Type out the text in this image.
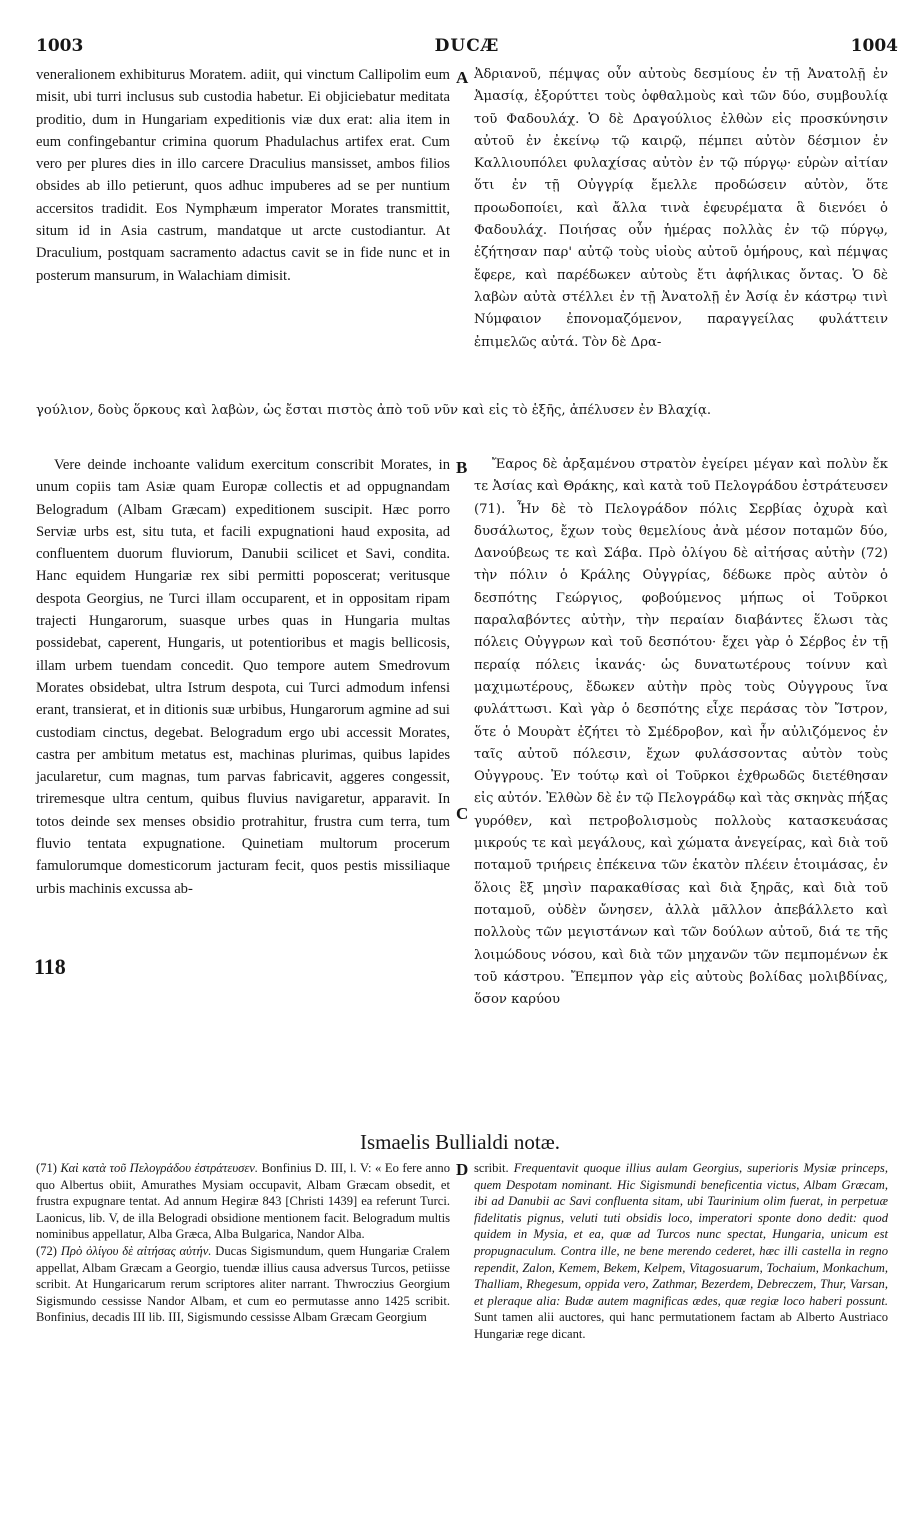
1003	DUCÆ	1004

veneralionem exhibiturus Moratem. adiit, qui vinctum Callipolim eum misit, ubi turri inclusus sub custodia habetur. Ei objiciebatur meditata proditio, dum in Hungariam expeditionis viæ dux erat: alia item in eum confingebantur crimina quorum Phadulachus artifex erat. Cum vero per plures dies in illo carcere Draculius mansisset, ambos filios obsides ab illo petierunt, quos adhuc impuberes ad se per nuntium accersitos tradidit. Eos Nymphæum imperator Morates transmittit, situm id in Asia castrum, mandatque ut arcte custodiantur. At Draculium, postquam sacramento adactus cavit se in fide nunc et in posterum mansurum, in Walachiam dimisit.

A Ἀδριανοῦ, πέμψας οὖν αὐτοὺς δεσμίους ἐν τῇ Ἀνατολῇ ἐν Ἀμασίᾳ, ἐξορύττει τοὺς ὀφθαλμοὺς καὶ τῶν δύο, συμβουλίᾳ τοῦ Φαδουλάχ. Ὁ δὲ Δραγούλιος ἐλθὼν εἰς προσκύνησιν αὐτοῦ ἐν ἐκείνῳ τῷ καιρῷ, πέμπει αὐτὸν δέσμιον ἐν Καλλιουπόλει φυλαχίσας αὐτὸν ἐν τῷ πύργῳ· εὑρὼν αἰτίαν ὅτι ἐν τῇ Οὐγγρίᾳ ἔμελλε προδώσειν αὐτὸν, ὅτε προωδοποίει, καὶ ἄλλα τινὰ ἐφευρέματα ἃ διενόει ὁ Φαδουλάχ. Ποιήσας οὖν ἡμέρας πολλὰς ἐν τῷ πύργῳ, ἐζήτησαν παρ' αὐτῷ τοὺς υἱοὺς αὐτοῦ ὁμήρους, καὶ πέμψας ἔφερε, καὶ παρέδωκεν αὐτοὺς ἔτι ἀφήλικας ὄντας. Ὁ δὲ λαβὼν αὐτὰ στέλλει ἐν τῇ Ἀνατολῇ ἐν Ἀσίᾳ ἐν κάστρῳ τινὶ Νύμφαιον ἐπονομαζόμενον, παραγγείλας φυλάττειν ἐπιμελῶς αὐτά. Τὸν δὲ Δρα-

γούλιον, δοὺς ὅρκους καὶ λαβὼν, ὡς ἔσται πιστὸς ἀπὸ τοῦ νῦν καὶ εἰς τὸ ἑξῆς, ἀπέλυσεν ἐν Βλαχίᾳ.

Vere deinde inchoante validum exercitum conscribit Morates, in unum copiis tam Asiæ quam Europæ collectis et ad oppugnandam Belogradum (Albam Græcam) expeditionem suscipit. Hæc porro Serviæ urbs est, situ tuta, et facili expugnationi haud exposita, ad confluentem duorum fluviorum, Danubii scilicet et Savi, condita. Hanc equidem Hungariæ rex sibi permitti poposcerat; veritusque despota Georgius, ne Turci illam occuparent, et in oppositam ripam trajecti Hungarorum, suasque urbes quas in Hungaria multas possidebat, caperent, Hungaris, ut potentioribus et magis bellicosis, illam urbem tuendam concedit. Quo tempore autem Smedrovum Morates obsidebat, ultra Istrum despota, cui Turci admodum infensi erant, transierat, et in ditionis suæ urbibus, Hungarorum agmine ad sui custodiam cinctus, degebat. Belogradum ergo ubi accessit Morates, castra per ambitum metatus est, machinas plurimas, quibus lapides jacularetur, cum magnas, tum parvas fabricavit, aggeres congessit, triremesque ultra centum, quibus fluvius navigaretur, apparavit. In totos deinde sex menses obsidio protrahitur, frustra cum terra, tum fluvio tentata expugnatione. Quinetiam multorum procerum famulorumque domesticorum jacturam fecit, quos pestis missiliaque urbis machinis excussa ab-

B
C
118

Ἔαρος δὲ ἀρξαμένου στρατὸν ἐγείρει μέγαν καὶ πολὺν ἔκ τε Ἀσίας καὶ Θράκης, καὶ κατὰ τοῦ Πελογράδου ἐστράτευσεν (71). Ἦν δὲ τὸ Πελογράδον πόλις Σερβίας ὀχυρὰ καὶ δυσάλωτος, ἔχων τοὺς θεμελίους ἀνὰ μέσον ποταμῶν δύο, Δανούβεως τε καὶ Σάβα. Πρὸ ὀλίγου δὲ αἰτήσας αὐτὴν (72) τὴν πόλιν ὁ Κράλης Οὐγγρίας, δέδωκε πρὸς αὐτὸν ὁ δεσπότης Γεώργιος, φοβούμενος μήπως οἱ Τοῦρκοι παραλαβόντες αὐτὴν, τὴν περαίαν διαβάντες ἕλωσι τὰς πόλεις Οὐγγρων καὶ τοῦ δεσπότου· ἔχει γὰρ ὁ Σέρβος ἐν τῇ περαίᾳ πόλεις ἱκανάς· ὡς δυνατωτέρους τοίνυν καὶ μαχιμωτέρους, ἔδωκεν αὐτὴν πρὸς τοὺς Οὐγγρους ἵνα φυλάττωσι. Καὶ γὰρ ὁ δεσπότης εἶχε περάσας τὸν Ἴστρον, ὅτε ὁ Μουρὰτ ἐζήτει τὸ Σμέδροβον, καὶ ἦν αὐλιζόμενος ἐν ταῖς αὐτοῦ πόλεσιν, ἔχων φυλάσσοντας αὐτὸν τοὺς Οὐγγρους. Ἐν τούτῳ καὶ οἱ Τοῦρκοι ἐχθρωδῶς διετέθησαν εἰς αὐτόν. Ἐλθὼν δὲ ἐν τῷ Πελογράδῳ καὶ τὰς σκηνὰς πήξας γυρόθεν, καὶ πετροβολισμοὺς πολλοὺς κατασκευάσας μικρούς τε καὶ μεγάλους, καὶ χώματα ἀνεγείρας, καὶ διὰ τοῦ ποταμοῦ τριήρεις ἐπέκεινα τῶν ἑκατὸν πλέειν ἑτοιμάσας, ἐν ὅλοις ἓξ μησὶν παρακαθίσας καὶ διὰ ξηρᾶς, καὶ διὰ τοῦ ποταμοῦ, οὐδὲν ὤνησεν, ἀλλὰ μᾶλλον ἀπεβάλλετο καὶ πολλοὺς τῶν μεγιστάνων καὶ τῶν δούλων αὐτοῦ, διά τε τῆς λοιμώδους νόσου, καὶ διὰ τῶν μηχανῶν τῶν πεμπομένων ἐκ τοῦ κάστρου. Ἔπεμπον γὰρ εἰς αὐτοὺς βολίδας μολιβδίνας, ὅσον καρύου

Ismaelis Bullialdi notæ.

(71) Καὶ κατὰ τοῦ Πελογράδου ἐστράτευσεν. Bonfinius D. III, l. V: « Eo fere anno quo Albertus obiit, Amurathes Mysiam occupavit, Albam Græcam obsedit, et frustra expugnare tentat. Ad annum Hegiræ 843 [Christi 1439] ea referunt Turci. Laonicus, lib. V, de illa Belogradi obsidione mentionem facit. Belogradum multis nominibus appellatur, Alba Græca, Alba Bulgarica, Nandor Alba.

(72) Πρὸ ὀλίγου δὲ αἰτήσας αὐτήν. Ducas Sigismundum, quem Hungariæ Cralem appellat, Albam Græcam a Georgio, tuendæ illius causa adversus Turcos, petiisse scribit. At Hungaricarum rerum scriptores aliter narrant. Thwroczius Georgium Sigismundo cessisse Nandor Albam, et cum eo permutasse anno 1425 scribit. Bonfinius, decadis III lib. III, Sigismundo cessisse Albam Græcam Georgium

D scribit. Frequentavit quoque illius aulam Georgius, superioris Mysiæ princeps, quem Despotam nominant. Hic Sigismundi beneficentia victus, Albam Græcam, ibi ad Danubii ac Savi confluenta sitam, ubi Taurinium olim fuerat, in perpetuæ fidelitatis pignus, veluti tuti obsidis loco, imperatori sponte dono dedit: quod quidem in Mysia, et ea, quæ ad Turcos nunc spectat, Hungaria, unicum est propugnaculum. Contra ille, ne bene merendo cederet, hæc illi castella in regno rependit, Zalon, Kemem, Bekem, Kelpem, Vitagosuarum, Tochaium, Monkachum, Thalliam, Rhegesum, oppida vero, Zathmar, Bezerdem, Debreczem, Thur, Varsan, et pleraque alia: Budæ autem magnificas ædes, quæ regiæ loco haberi possunt. Sunt tamen alii auctores, qui hanc permutationem factam ab Alberto Austriaco Hungariæ rege dicant.
